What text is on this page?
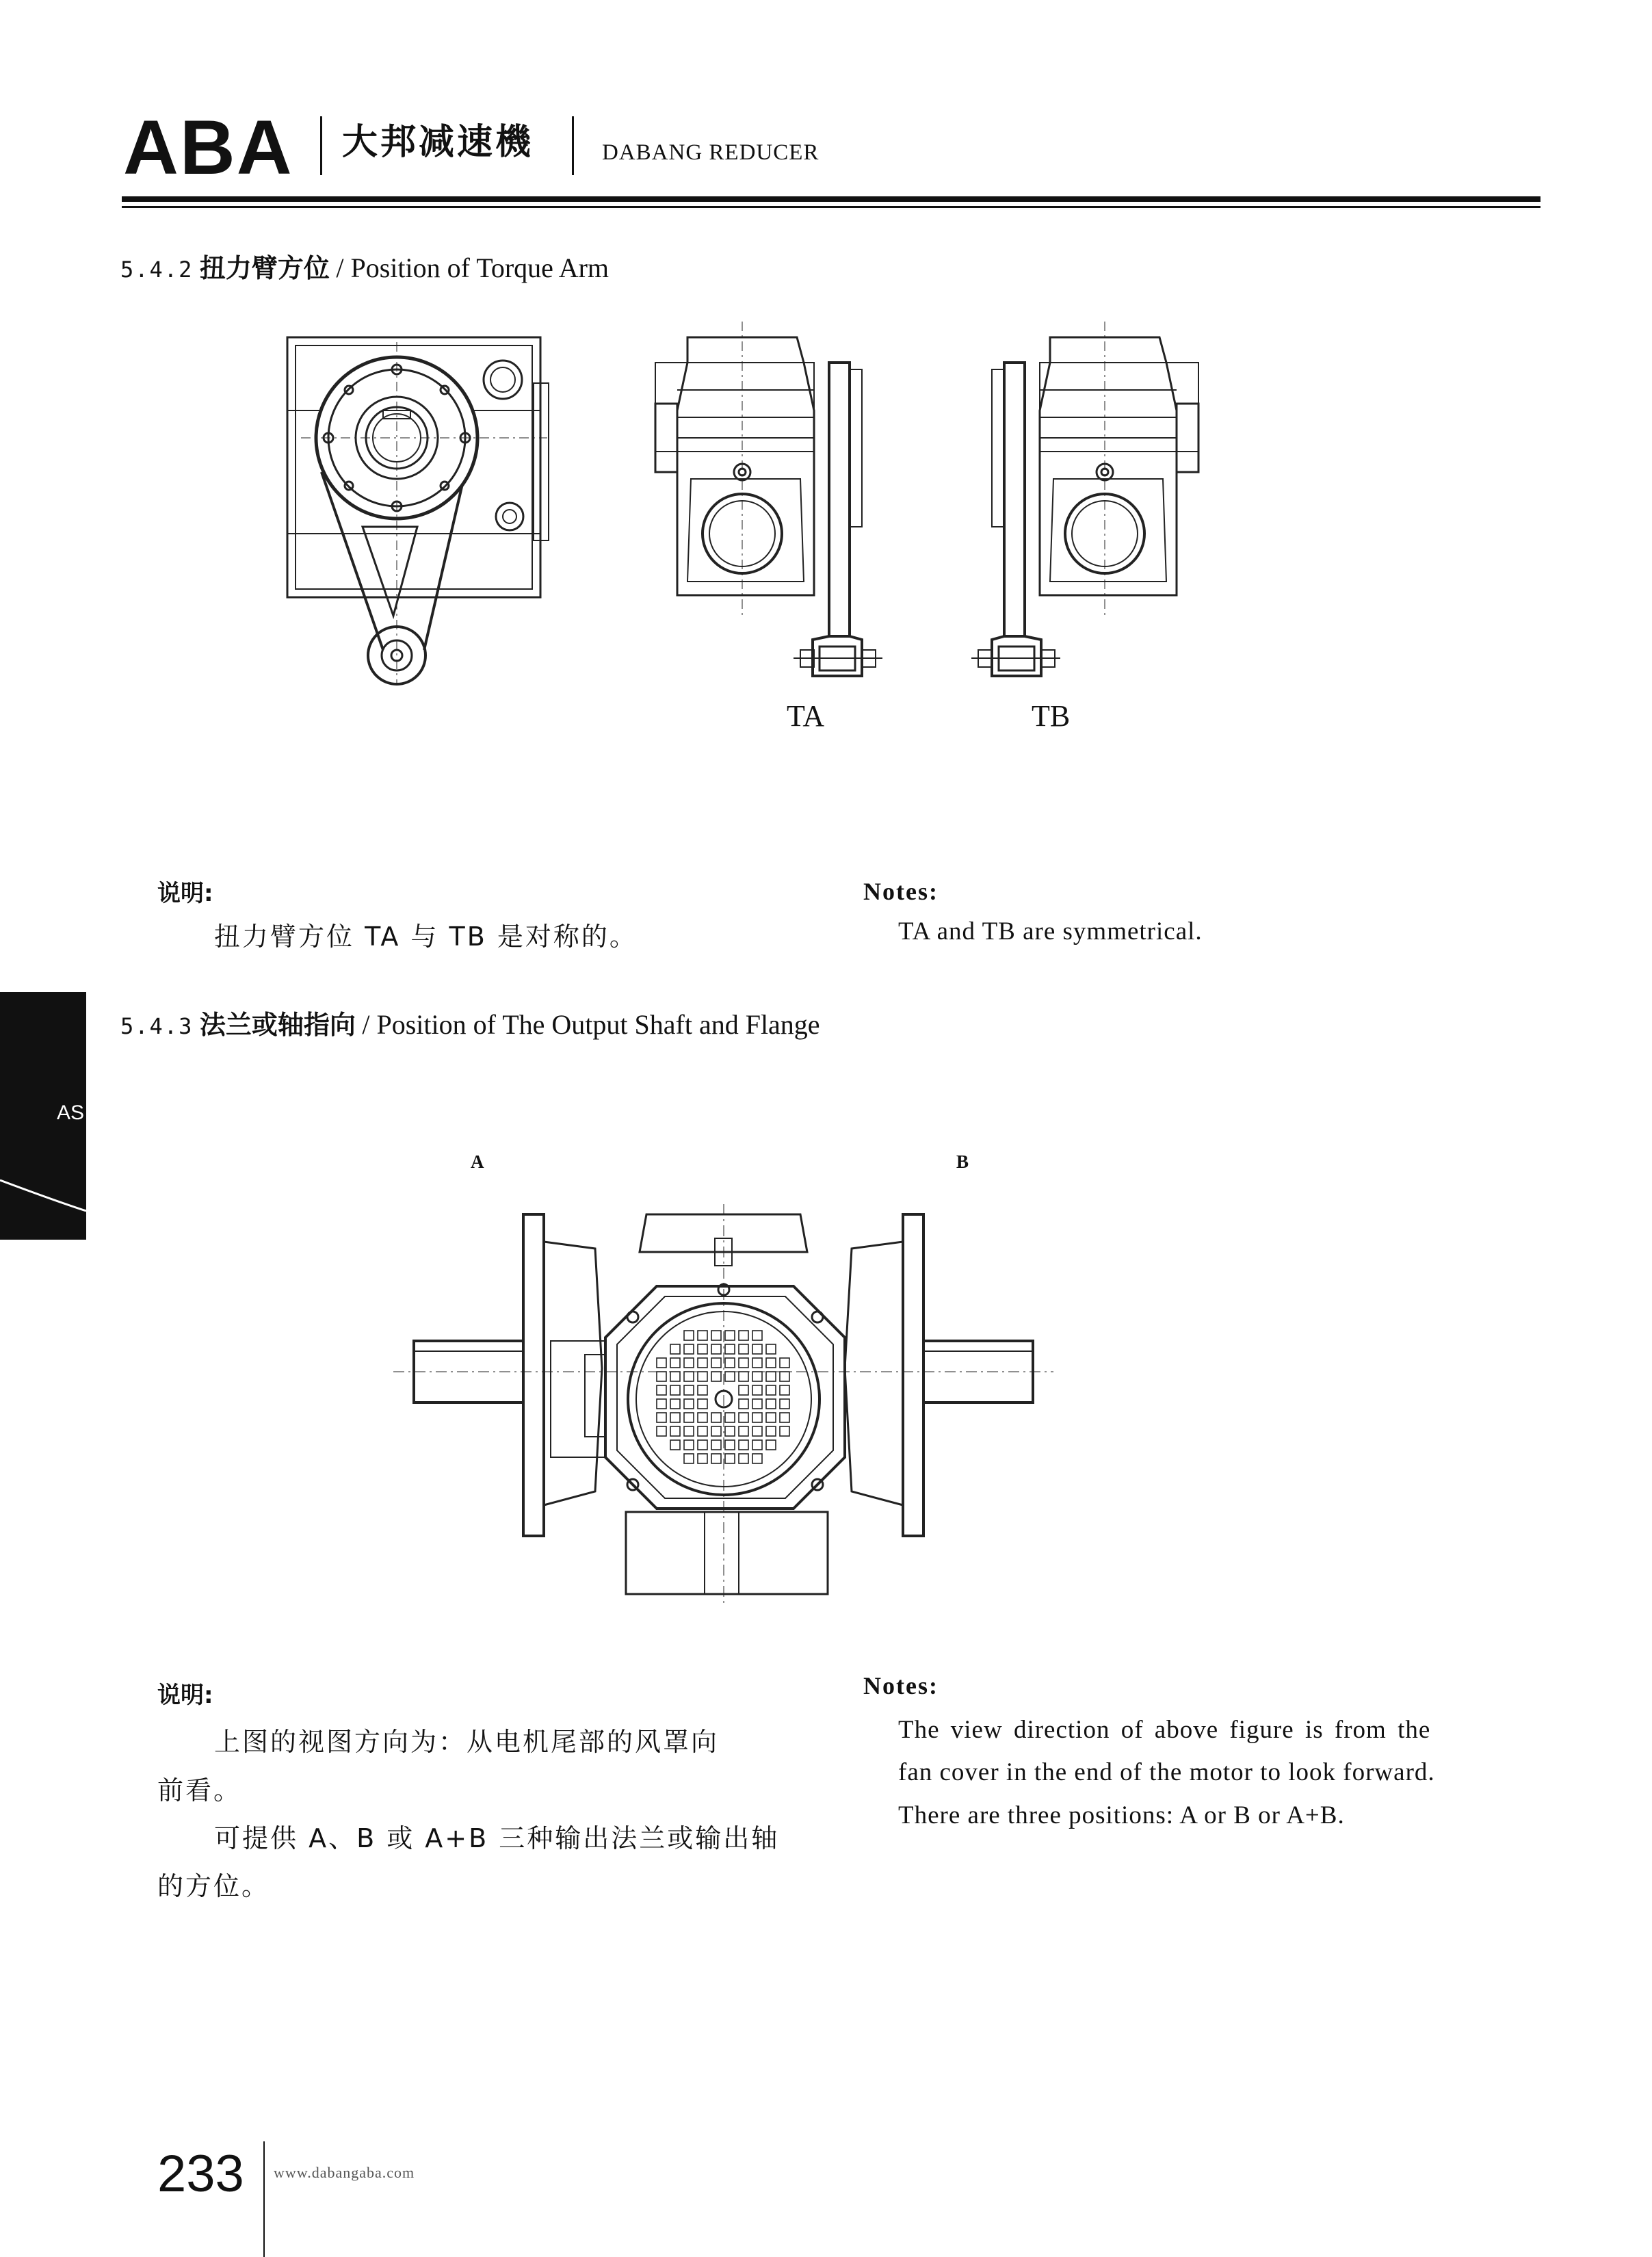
ABA 大邦减速機	DABANG REDUCER
5.4.2 扭力臂方位 / Position of Torque Arm
TA	TB
A	B
说明:
扭力臂方位 TA 与 TB 是对称的。
Notes:
TA and TB are symmetrical.
AS
5.4.3 法兰或轴指向 / Position of The Output Shaft and Flange
说明:
上图的视图方向为：从电机尾部的风罩向
前看。
可提供 A、B 或 A+B 三种输出法兰或输出轴
的方位。
Notes:
The view direction of above figure is from the
fan cover in the end of the motor to look forward.
There are three positions: A or B or A+B.
233 www.dabangaba.com
